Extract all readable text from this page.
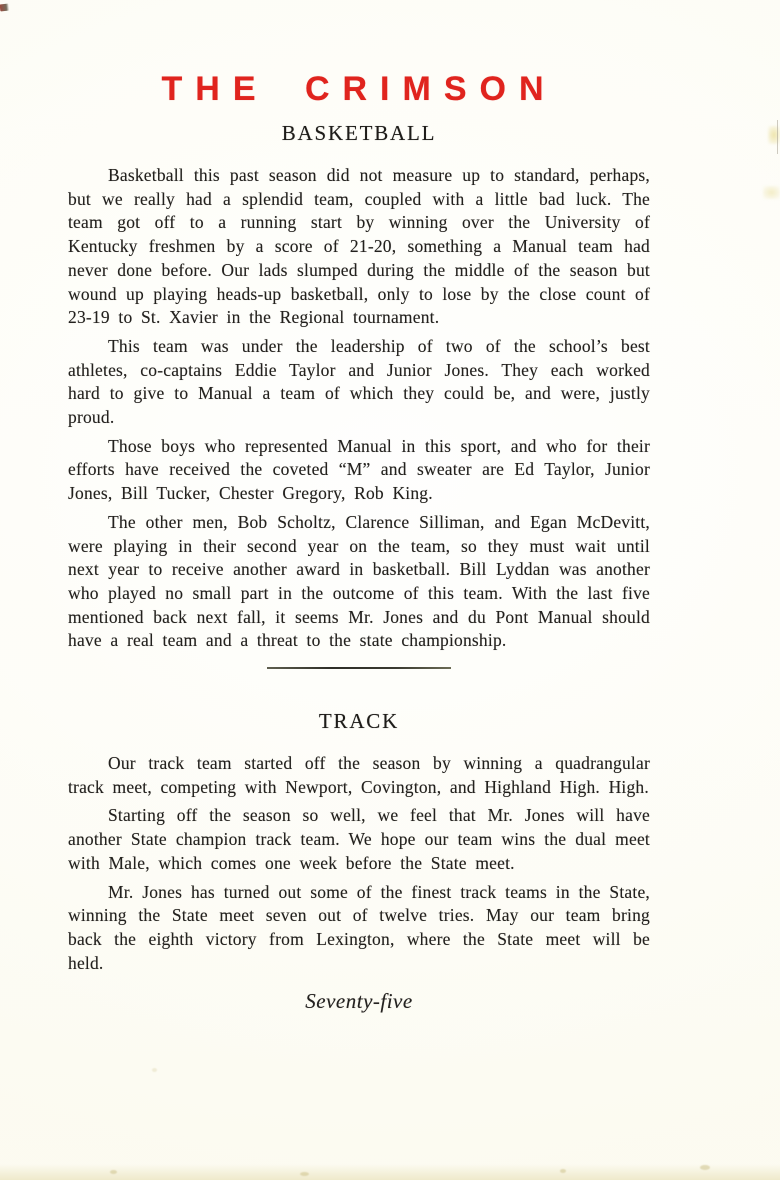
THE CRIMSON
BASKETBALL

Basketball this past season did not measure up to standard, perhaps, but we really had a splendid team, coupled with a little bad luck. The team got off to a running start by winning over the University of Kentucky freshmen by a score of 21-20, something a Manual team had never done before. Our lads slumped during the middle of the season but wound up playing heads-up basketball, only to lose by the close count of 23-19 to St. Xavier in the Regional tournament.

This team was under the leadership of two of the school’s best athletes, co-captains Eddie Taylor and Junior Jones. They each worked hard to give to Manual a team of which they could be, and were, justly proud.

Those boys who represented Manual in this sport, and who for their efforts have received the coveted “M” and sweater are Ed Taylor, Junior Jones, Bill Tucker, Chester Gregory, Rob King.

The other men, Bob Scholtz, Clarence Silliman, and Egan McDevitt, were playing in their second year on the team, so they must wait until next year to receive another award in basketball. Bill Lyddan was another who played no small part in the outcome of this team. With the last five mentioned back next fall, it seems Mr. Jones and du Pont Manual should have a real team and a threat to the state championship.

TRACK

Our track team started off the season by winning a quadrangular track meet, competing with Newport, Covington, and Highland High. High.

Starting off the season so well, we feel that Mr. Jones will have another State champion track team. We hope our team wins the dual meet with Male, which comes one week before the State meet.

Mr. Jones has turned out some of the finest track teams in the State, winning the State meet seven out of twelve tries. May our team bring back the eighth victory from Lexington, where the State meet will be held.

Seventy-five
